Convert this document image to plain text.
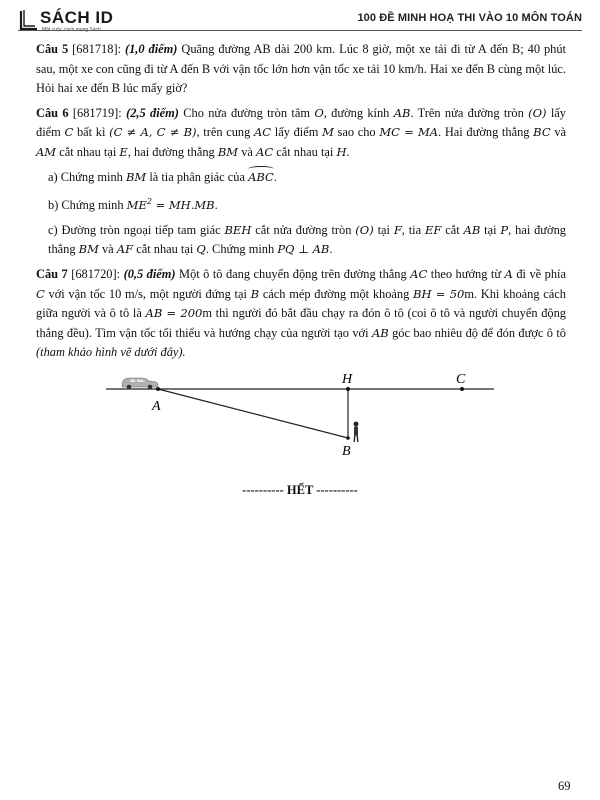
SÁCH ID	100 ĐỀ MINH HOẠ THI VÀO 10 MÔN TOÁN

Câu 5 [681718]: (1,0 điểm) Quãng đường AB dài 200 km. Lúc 8 giờ, một xe tải đi từ A đến B; 40 phút sau, một xe con cũng đi từ A đến B với vận tốc lớn hơn vận tốc xe tải 10 km/h. Hai xe đến B cùng một lúc. Hỏi hai xe đến B lúc mấy giờ?

Câu 6 [681719]: (2,5 điểm) Cho nửa đường tròn tâm O, đường kính AB. Trên nửa đường tròn (O) lấy điểm C bất kì (C ≠ A, C ≠ B), trên cung AC lấy điểm M sao cho MC = MA. Hai đường thẳng BC và AM cắt nhau tại E, hai đường thẳng BM và AC cắt nhau tại H.

a) Chứng minh BM là tia phân giác của ABC.

b) Chứng minh $ME^2 = MH.MB$.

c) Đường tròn ngoại tiếp tam giác BEH cắt nửa đường tròn (O) tại F, tia EF cắt AB tại P, hai đường thẳng BM và AF cắt nhau tại Q. Chứng minh PQ ⊥ AB.

Câu 7 [681720]: (0,5 điểm) Một ô tô đang chuyển động trên đường thẳng AC theo hướng từ A đi về phía C với vận tốc 10 m/s, một người đứng tại B cách mép đường một khoảng BH = 50m. Khi khoảng cách giữa người và ô tô là AB = 200m thì người đó bắt đầu chạy ra đón ô tô (coi ô tô và người chuyển động thẳng đều). Tìm vận tốc tối thiểu và hướng chạy của người tạo với AB góc bao nhiêu độ để đón được ô tô (tham khảo hình vẽ dưới đây).

A
H	C
B
---------- HẾT ----------
69
